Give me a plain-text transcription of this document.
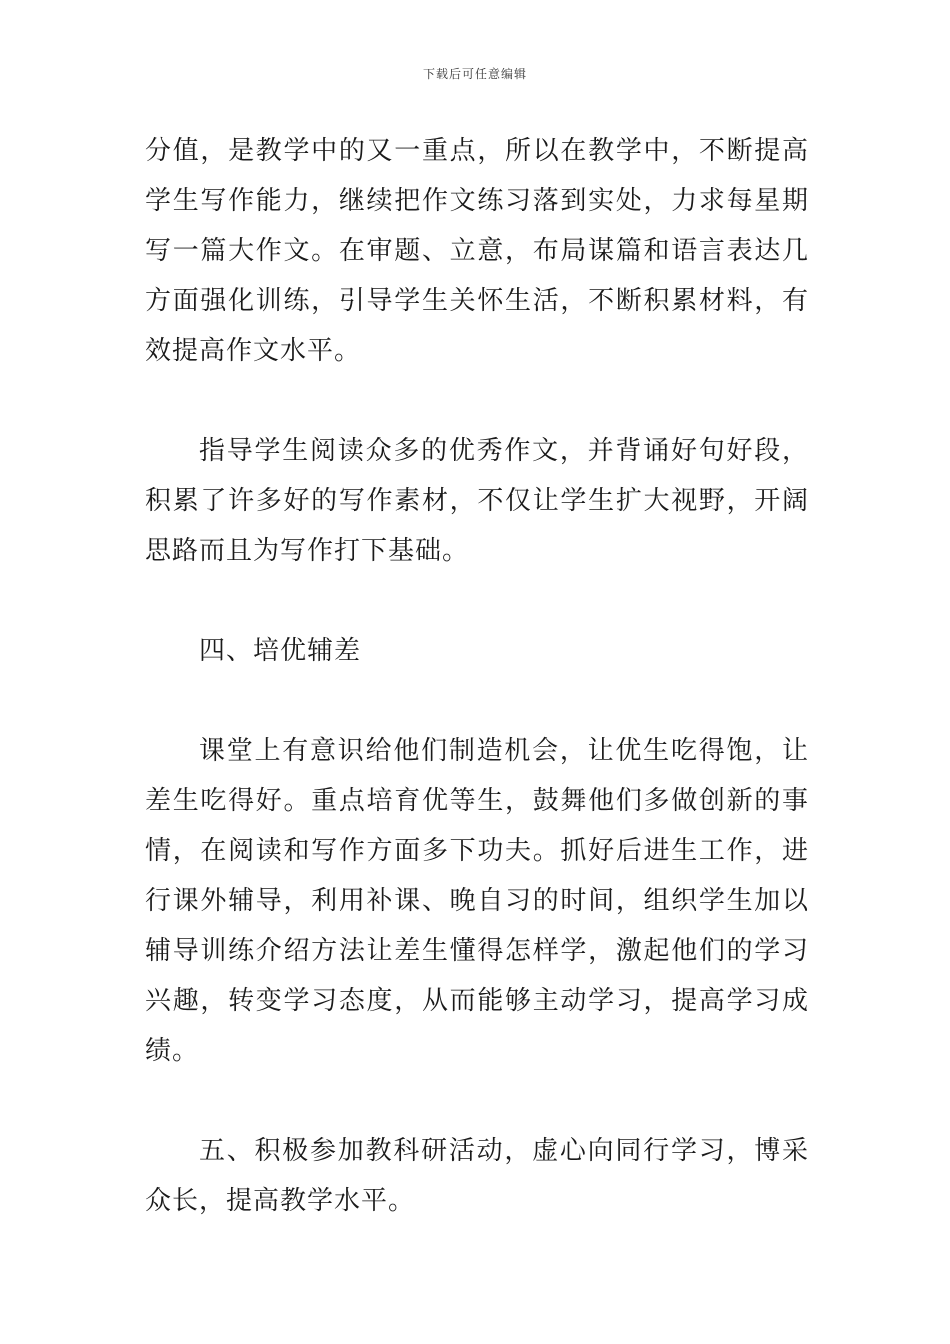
下载后可任意编辑

分值，是教学中的又一重点，所以在教学中，不断提高学生写作能力，继续把作文练习落到实处，力求每星期写一篇大作文。在审题、立意，布局谋篇和语言表达几方面强化训练，引导学生关怀生活，不断积累材料，有效提高作文水平。

指导学生阅读众多的优秀作文，并背诵好句好段，积累了许多好的写作素材，不仅让学生扩大视野，开阔思路而且为写作打下基础。

四、培优辅差

课堂上有意识给他们制造机会，让优生吃得饱，让差生吃得好。重点培育优等生，鼓舞他们多做创新的事情，在阅读和写作方面多下功夫。抓好后进生工作，进行课外辅导，利用补课、晚自习的时间，组织学生加以辅导训练介绍方法让差生懂得怎样学，激起他们的学习兴趣，转变学习态度，从而能够主动学习，提高学习成绩。

五、积极参加教科研活动，虚心向同行学习，博采众长，提高教学水平。
